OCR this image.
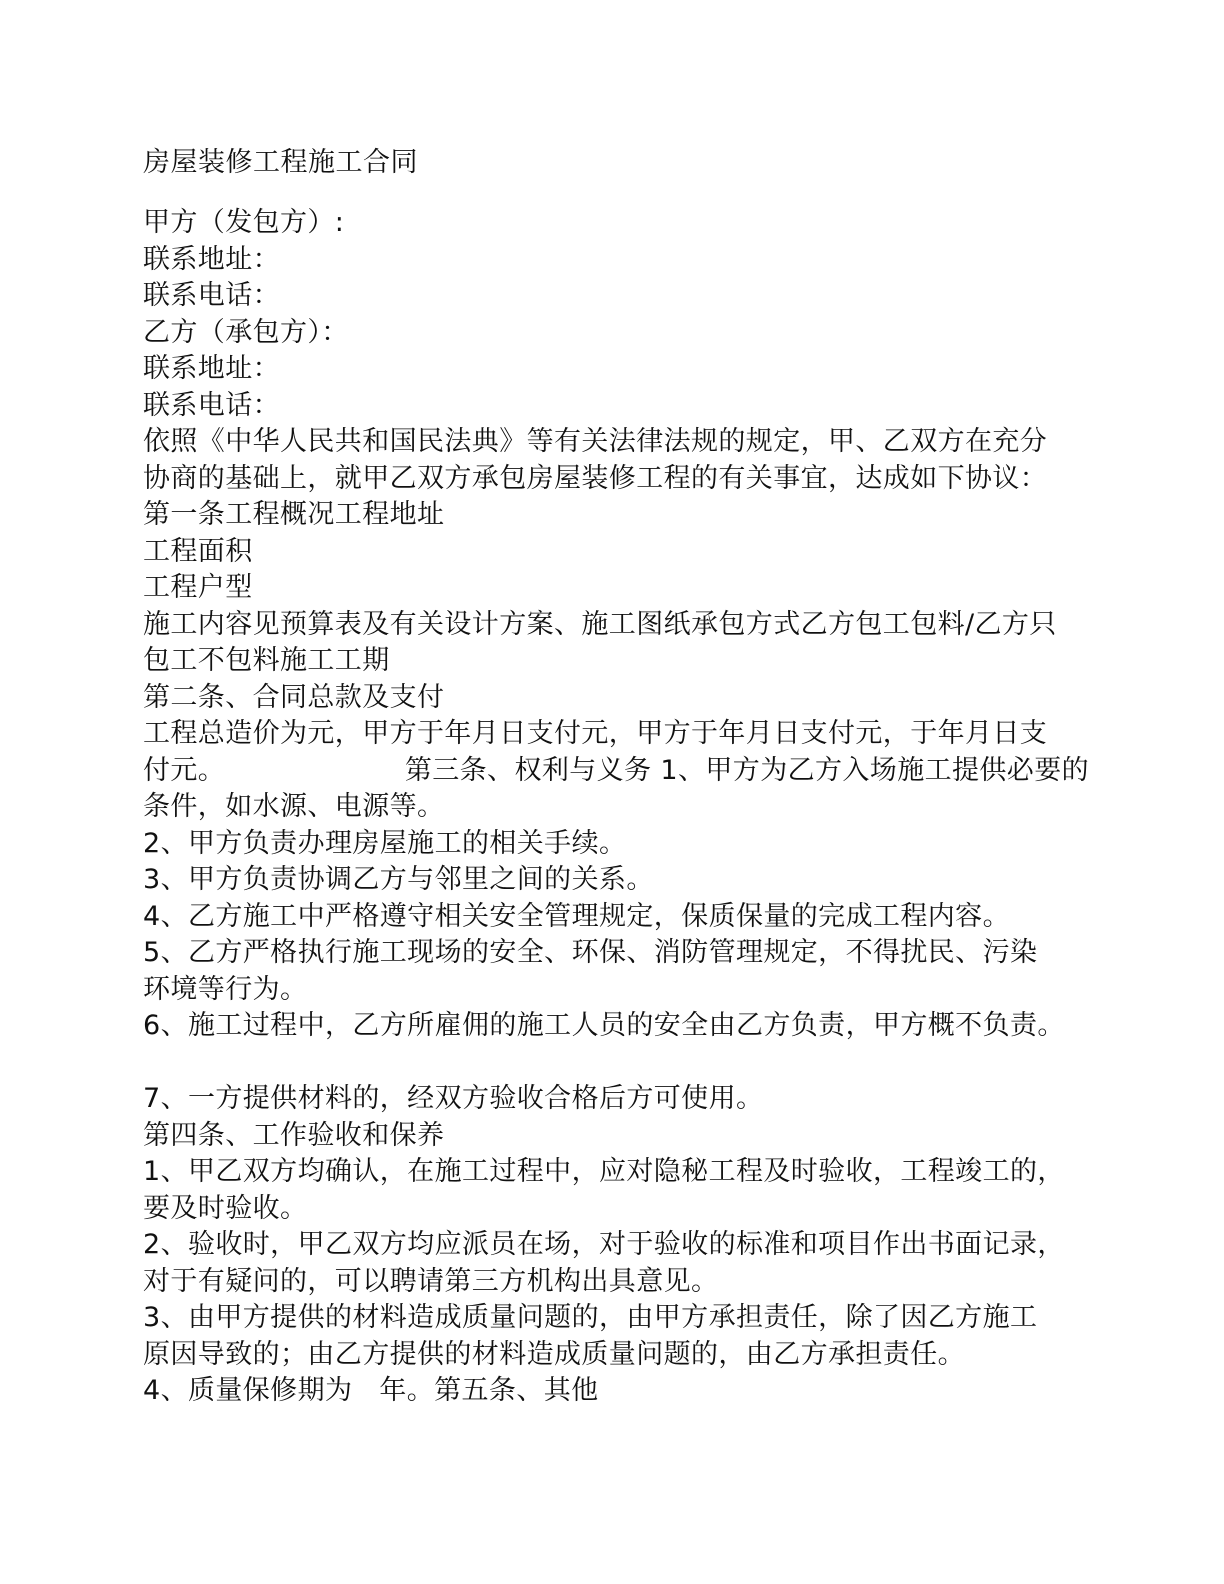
房屋装修工程施工合同
甲方（发包方）:
联系地址：
联系电话：
乙方（承包方）：
联系地址：
联系电话：
依照《中华人民共和国民法典》等有关法律法规的规定，甲、乙双方在充分
协商的基础上，就甲乙双方承包房屋装修工程的有关事宜，达成如下协议：
第一条工程概况工程地址
工程面积
工程户型
施工内容见预算表及有关设计方案、施工图纸承包方式乙方包工包料/乙方只
包工不包料施工工期
第二条、合同总款及支付
工程总造价为元，甲方于年月日支付元，甲方于年月日支付元，于年月日支
付元。                    第三条、权利与义务 1、甲方为乙方入场施工提供必要的
条件，如水源、电源等。
2、甲方负责办理房屋施工的相关手续。
3、甲方负责协调乙方与邻里之间的关系。
4、乙方施工中严格遵守相关安全管理规定，保质保量的完成工程内容。
5、乙方严格执行施工现场的安全、环保、消防管理规定，不得扰民、污染
环境等行为。
6、施工过程中，乙方所雇佣的施工人员的安全由乙方负责，甲方概不负责。
7、一方提供材料的，经双方验收合格后方可使用。
第四条、工作验收和保养
1、甲乙双方均确认，在施工过程中，应对隐秘工程及时验收，工程竣工的，
要及时验收。
2、验收时，甲乙双方均应派员在场，对于验收的标准和项目作出书面记录，
对于有疑问的，可以聘请第三方机构出具意见。
3、由甲方提供的材料造成质量问题的，由甲方承担责任，除了因乙方施工
原因导致的；由乙方提供的材料造成质量问题的，由乙方承担责任。
4、质量保修期为   年。第五条、其他
